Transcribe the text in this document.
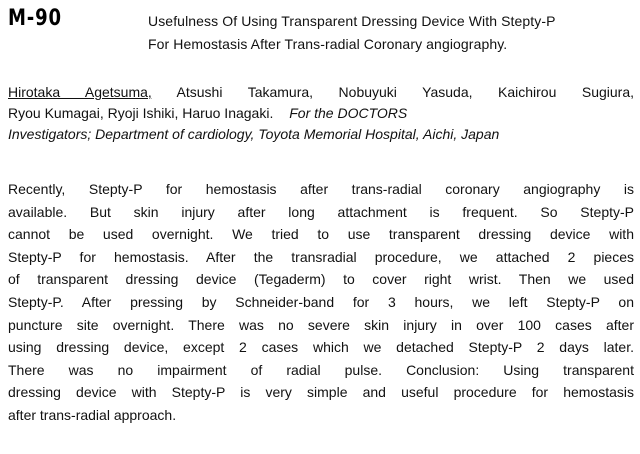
M-90	Usefulness Of Using Transparent Dressing Device With Stepty-P
For Hemostasis After Trans-radial Coronary angiography.
Hirotaka Agetsuma, Atsushi Takamura, Nobuyuki Yasuda, Kaichirou Sugiura,
Ryou Kumagai, Ryoji Ishiki, Haruo Inagaki. For the DOCTORS
Investigators; Department of cardiology, Toyota Memorial Hospital, Aichi, Japan
Recently, Stepty-P for hemostasis after trans-radial coronary angiography is
available. But skin injury after long attachment is frequent. So Stepty-P
cannot be used overnight. We tried to use transparent dressing device with
Stepty-P for hemostasis. After the transradial procedure, we attached 2 pieces
of transparent dressing device (Tegaderm) to cover right wrist. Then we used
Stepty-P. After pressing by Schneider-band for 3 hours, we left Stepty-P on
puncture site overnight. There was no severe skin injury in over 100 cases after
using dressing device, except 2 cases which we detached Stepty-P 2 days later.
There was no impairment of radial pulse. Conclusion: Using transparent
dressing device with Stepty-P is very simple and useful procedure for hemostasis
after trans-radial approach.
